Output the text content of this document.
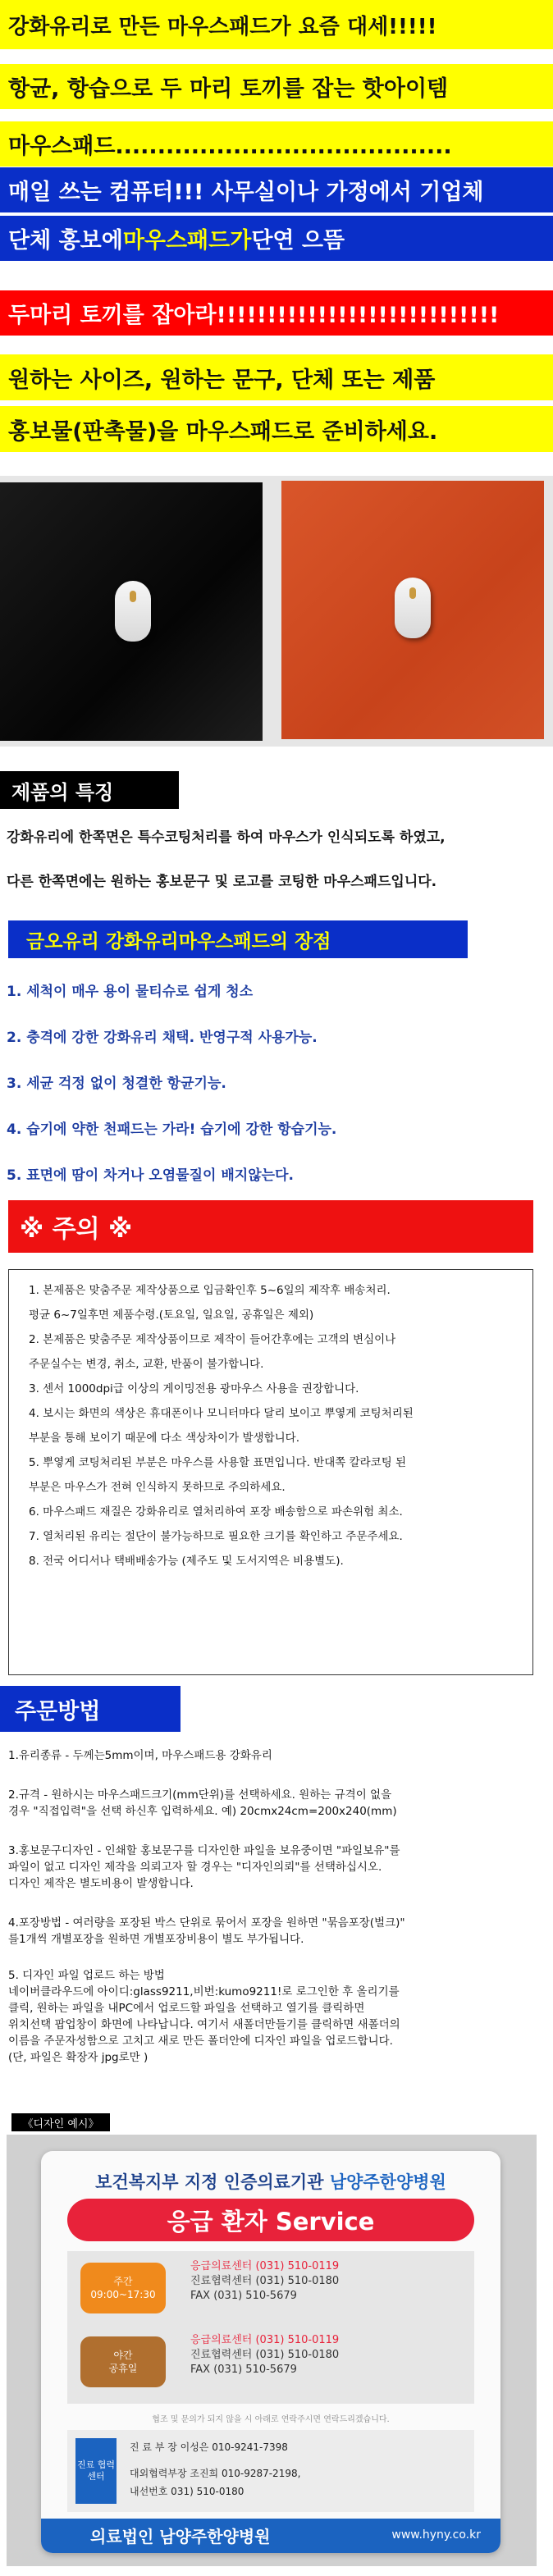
강화유리로 만든 마우스패드가 요즘 대세!!!!!
항균, 항습으로 두 마리 토끼를 잡는 핫아이템
마우스패드........................................
매일 쓰는 컴퓨터!!! 사무실이나 가정에서 기업체
단체 홍보에 마우스패드가 단연 으뜸
두마리 토끼를 잡아라!!!!!!!!!!!!!!!!!!!!!!!!!!!!
원하는 사이즈, 원하는 문구, 단체 또는 제품
홍보물(판촉물)을 마우스패드로 준비하세요.
제품의 특징
강화유리에 한쪽면은 특수코팅처리를 하여 마우스가 인식되도록 하였고,
다른 한쪽면에는 원하는 홍보문구 및 로고를 코팅한 마우스패드입니다.
금오유리 강화유리마우스패드의 장점
1. 세척이 매우 용이 물티슈로 쉽게 청소
2. 충격에 강한 강화유리 채택. 반영구적 사용가능.
3. 세균 걱정 없이 청결한 항균기능.
4. 습기에 약한 천패드는 가라! 습기에 강한 항습기능.
5. 표면에 땀이 차거나 오염물질이 배지않는다.
※ 주의 ※
1. 본제품은 맞춤주문 제작상품으로 입금확인후 5~6일의 제작후 배송처리.
평균 6~7일후면 제품수령.(토요일, 일요일, 공휴일은 제외)
2. 본제품은 맞춤주문 제작상품이므로 제작이 들어간후에는 고객의 변심이나
주문실수는 변경, 취소, 교환, 반품이 불가합니다.
3. 센서 1000dpi급 이상의 게이밍전용 광마우스 사용을 권장합니다.
4. 보시는 화면의 색상은 휴대폰이나 모니터마다 달리 보이고 뿌옇게 코팅처리된
부분을 통해 보이기 때문에 다소 색상차이가 발생합니다.
5. 뿌옇게 코팅처리된 부분은 마우스를 사용할 표면입니다. 반대쪽 칼라코팅 된
부분은 마우스가 전혀 인식하지 못하므로 주의하세요.
6. 마우스패드 재질은 강화유리로 열처리하여 포장 배송함으로 파손위험 최소.
7. 열처리된 유리는 절단이 불가능하므로 필요한 크기를 확인하고 주문주세요.
8. 전국 어디서나 택배배송가능 (제주도 및 도서지역은 비용별도).
주문방법
1.유리종류 - 두께는5mm이며, 마우스패드용 강화유리
2.규격 - 원하시는 마우스패드크기(mm단위)를 선택하세요. 원하는 규격이 없을
경우 "직접입력"을 선택 하신후 입력하세요. 예) 20cmx24cm=200x240(mm)
3.홍보문구디자인 - 인쇄할 홍보문구를 디자인한 파일을 보유중이면 "파일보유"를
파일이 없고 디자인 제작을 의뢰고자 할 경우는 "디자인의뢰"를 선택하십시오.
디자인 제작은 별도비용이 발생합니다.
4.포장방법 - 여러량을 포장된 박스 단위로 묶어서 포장을 원하면 "묶음포장(벌크)"
를1개씩 개별포장을 원하면 개별포장비용이 별도 부가됩니다.
5. 디자인 파일 업로드 하는 방법
네이버클라우드에 아이디:glass9211,비번:kumo9211!로 로그인한 후 올리기를
클릭, 원하는 파일을 내PC에서 업로드할 파일을 선택하고 열기를 클릭하면
위치선택 팝업창이 화면에 나타납니다. 여기서 새폴더만들기를 클릭하면 새폴더의
이름을 주문자성함으로 고치고 새로 만든 폴더안에 디자인 파일을 업로드합니다.
(단, 파일은 확장자 jpg로만 )
《디자인 예시》
보건복지부 지정 인증의료기관 남양주한양병원
응급 환자 Service
주간
09:00~17:30
응급의료센터 (031) 510-0119
진료협력센터 (031) 510-0180
FAX (031) 510-5679
야간
공휴일
응급의료센터 (031) 510-0119
진료협력센터 (031) 510-0180
FAX (031) 510-5679
협조 및 문의가 되지 않을 시 아래로 연락주시면 연락드리겠습니다.
진료 협력 센터
진 료 부 장 이성은 010-9241-7398
대외협력부장 조진희 010-9287-2198,
내선번호 031) 510-0180
의료법인 남양주한양병원	www.hyny.co.kr
